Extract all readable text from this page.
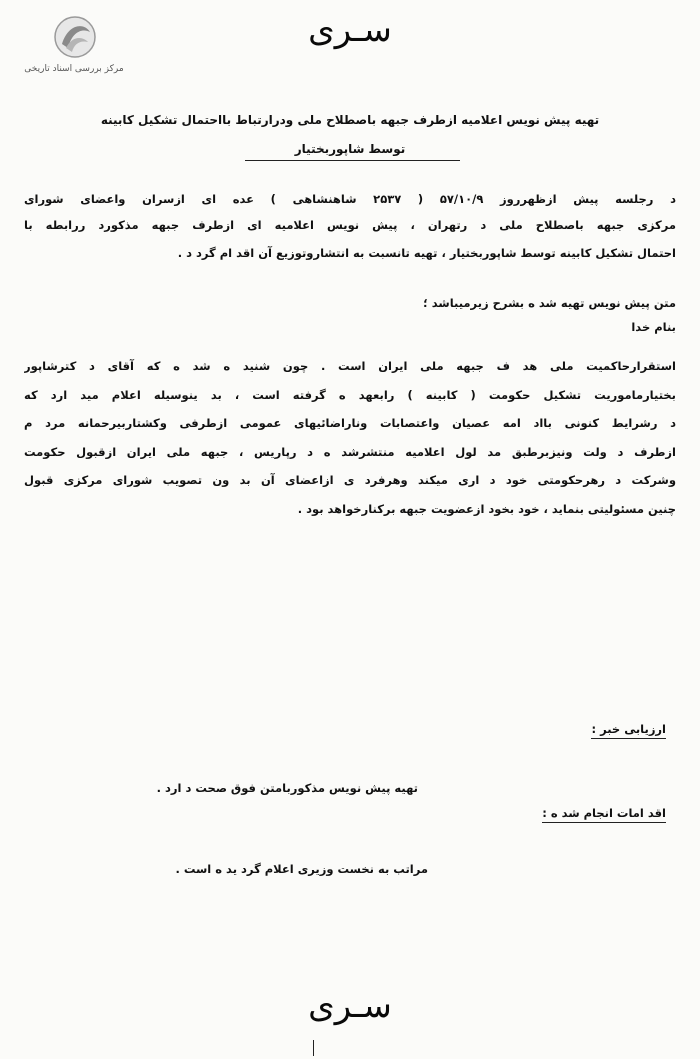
سـری
مرکز بررسی اسناد تاریخی
تهیه پیش نویس اعلامیه ازطرف جبهه باصطلاح ملی ودرارتباط بااحتمال تشکیل کابینه
توسط شاپوربختیار
د رجلسه پیش ازظهرروز ۵۷/۱۰/۹ ( ۲۵۳۷ شاهنشاهی ) عده ای ازسران واعضای شورای
مرکزی جبهه باصطلاح ملی د رتهران ، پیش نویس اعلامیه ای ازطرف جبهه مذکورد ررابطه با
احتمال تشکیل کابینه توسط شاپوربختیار ، تهیه تانسبت به انتشاروتوزیع آن اقد ام گرد د .
متن پیش نویس تهیه شد ه بشرح زیرمیباشد ؛
بنام خدا
استقرارحاکمیت ملی هد ف جبهه ملی ایران است . چون شنید ه شد ه که آقای د کترشاپور
بختیارماموریت تشکیل حکومت ( کابینه ) رابعهد ه گرفته است ، بد ینوسیله اعلام مید ارد که
د رشرایط کنونی بااد امه عصیان واعتصابات وناراضائیهای عمومی ازطرفی وکشتاربیرحمانه مرد م
ازطرف د ولت ونیزبرطبق مد لول اعلامیه منتشرشد ه د رپاریس ، جبهه ملی ایران ازقبول حکومت
وشرکت د رهرحکومتی خود د اری میکند وهرفرد ی ازاعضای آن بد ون تصویب شورای مرکزی قبول
چنین مسئولیتی بنماید ، خود بخود ازعضویت جبهه برکنارخواهد بود .
ارزیابی خبر :
تهیه پیش نویس مذکوربامتن فوق صحت د ارد .
اقد امات انجام شد ه :
مراتب به نخست وزیری اعلام گرد ید ه است .
سـری
